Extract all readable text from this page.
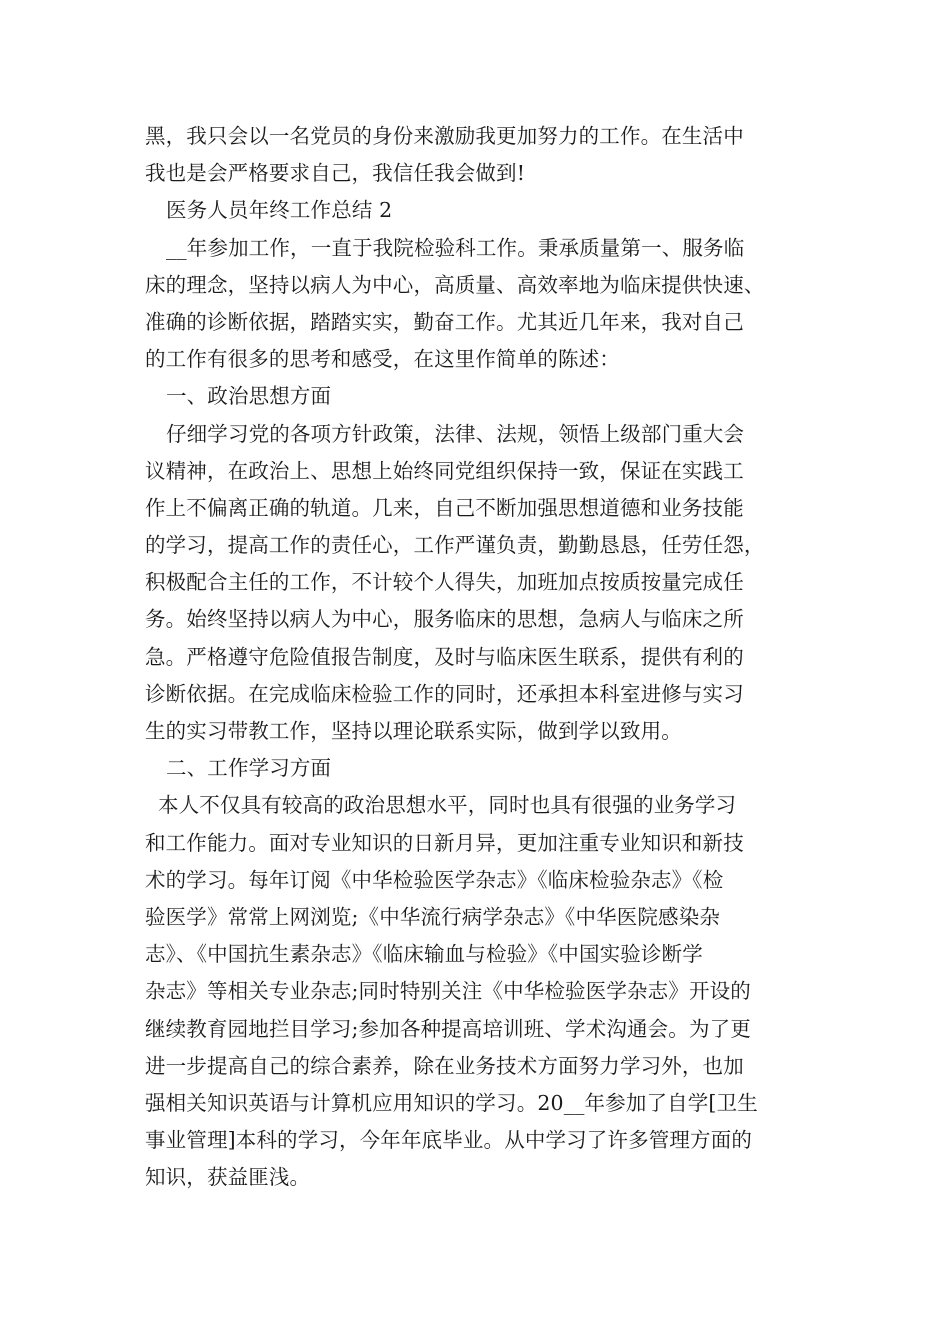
黑，我只会以一名党员的身份来激励我更加努力的工作。在生活中
我也是会严格要求自己，我信任我会做到!
医务人员年终工作总结 2
__年参加工作，一直于我院检验科工作。秉承质量第一、服务临
床的理念，坚持以病人为中心，高质量、高效率地为临床提供快速、
准确的诊断依据，踏踏实实，勤奋工作。尤其近几年来，我对自己
的工作有很多的思考和感受，在这里作简单的陈述：
一、政治思想方面
仔细学习党的各项方针政策，法律、法规，领悟上级部门重大会
议精神，在政治上、思想上始终同党组织保持一致，保证在实践工
作上不偏离正确的轨道。几来，自己不断加强思想道德和业务技能
的学习，提高工作的责任心，工作严谨负责，勤勤恳恳，任劳任怨，
积极配合主任的工作，不计较个人得失，加班加点按质按量完成任
务。始终坚持以病人为中心，服务临床的思想，急病人与临床之所
急。严格遵守危险值报告制度，及时与临床医生联系，提供有利的
诊断依据。在完成临床检验工作的同时，还承担本科室进修与实习
生的实习带教工作，坚持以理论联系实际，做到学以致用。
二、工作学习方面
本人不仅具有较高的政治思想水平，同时也具有很强的业务学习
和工作能力。面对专业知识的日新月异，更加注重专业知识和新技
术的学习。每年订阅《中华检验医学杂志》《临床检验杂志》《检
验医学》常常上网浏览;《中华流行病学杂志》《中华医院感染杂
志》、《中国抗生素杂志》《临床输血与检验》《中国实验诊断学
杂志》等相关专业杂志;同时特别关注《中华检验医学杂志》开设的
继续教育园地拦目学习;参加各种提高培训班、学术沟通会。为了更
进一步提高自己的综合素养，除在业务技术方面努力学习外，也加
强相关知识英语与计算机应用知识的学习。20__年参加了自学[卫生
事业管理]本科的学习，今年年底毕业。从中学习了许多管理方面的
知识，获益匪浅。
